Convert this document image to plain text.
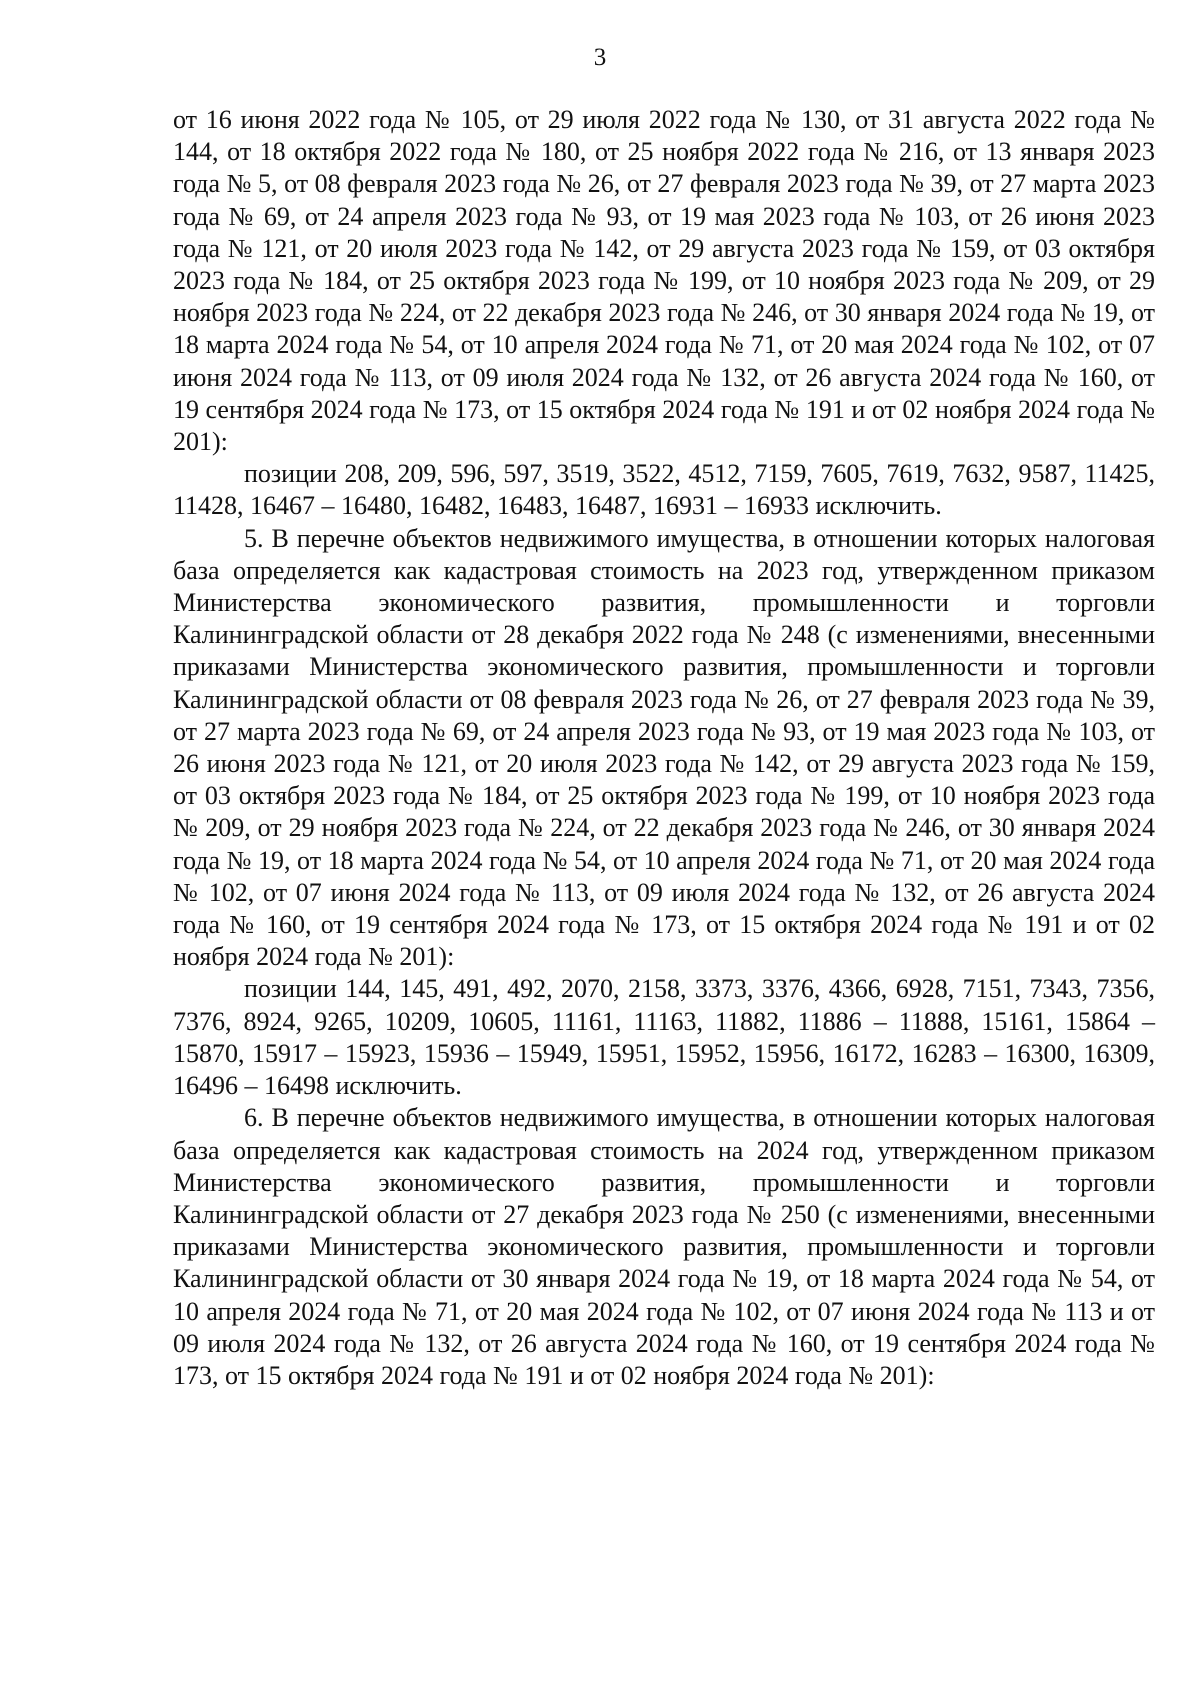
3

от 16 июня 2022 года № 105, от 29 июля 2022 года № 130, от 31 августа 2022 года № 144, от 18 октября 2022 года № 180, от 25 ноября 2022 года № 216, от 13 января 2023 года № 5, от 08 февраля 2023 года № 26, от 27 февраля 2023 года № 39, от 27 марта 2023 года № 69, от 24 апреля 2023 года № 93, от 19 мая 2023 года № 103, от 26 июня 2023 года № 121, от 20 июля 2023 года № 142, от 29 августа 2023 года № 159, от 03 октября 2023 года № 184, от 25 октября 2023 года № 199, от 10 ноября 2023 года № 209, от 29 ноября 2023 года № 224, от 22 декабря 2023 года № 246, от 30 января 2024 года № 19, от 18 марта 2024 года № 54, от 10 апреля 2024 года № 71, от 20 мая 2024 года № 102, от 07 июня 2024 года № 113, от 09 июля 2024 года № 132, от 26 августа 2024 года № 160, от 19 сентября 2024 года № 173, от 15 октября 2024 года № 191 и от 02 ноября 2024 года № 201):

позиции 208, 209, 596, 597, 3519, 3522, 4512, 7159, 7605, 7619, 7632, 9587, 11425, 11428, 16467 – 16480, 16482, 16483, 16487, 16931 – 16933 исключить.

5. В перечне объектов недвижимого имущества, в отношении которых налоговая база определяется как кадастровая стоимость на 2023 год, утвержденном приказом Министерства экономического развития, промышленности и торговли Калининградской области от 28 декабря 2022 года № 248 (с изменениями, внесенными приказами Министерства экономического развития, промышленности и торговли Калининградской области от 08 февраля 2023 года № 26, от 27 февраля 2023 года № 39, от 27 марта 2023 года № 69, от 24 апреля 2023 года № 93, от 19 мая 2023 года № 103, от 26 июня 2023 года № 121, от 20 июля 2023 года № 142, от 29 августа 2023 года № 159, от 03 октября 2023 года № 184, от 25 октября 2023 года № 199, от 10 ноября 2023 года № 209, от 29 ноября 2023 года № 224, от 22 декабря 2023 года № 246, от 30 января 2024 года № 19, от 18 марта 2024 года № 54, от 10 апреля 2024 года № 71, от 20 мая 2024 года № 102, от 07 июня 2024 года № 113, от 09 июля 2024 года № 132, от 26 августа 2024 года № 160, от 19 сентября 2024 года № 173, от 15 октября 2024 года № 191 и от 02 ноября 2024 года № 201):

позиции 144, 145, 491, 492, 2070, 2158, 3373, 3376, 4366, 6928, 7151, 7343, 7356, 7376, 8924, 9265, 10209, 10605, 11161, 11163, 11882, 11886 – 11888, 15161, 15864 – 15870, 15917 – 15923, 15936 – 15949, 15951, 15952, 15956, 16172, 16283 – 16300, 16309, 16496 – 16498 исключить.

6. В перечне объектов недвижимого имущества, в отношении которых налоговая база определяется как кадастровая стоимость на 2024 год, утвержденном приказом Министерства экономического развития, промышленности и торговли Калининградской области от 27 декабря 2023 года № 250 (с изменениями, внесенными приказами Министерства экономического развития, промышленности и торговли Калининградской области от 30 января 2024 года № 19, от 18 марта 2024 года № 54, от 10 апреля 2024 года № 71, от 20 мая 2024 года № 102, от 07 июня 2024 года № 113 и от 09 июля 2024 года № 132, от 26 августа 2024 года № 160, от 19 сентября 2024 года № 173, от 15 октября 2024 года № 191 и от 02 ноября 2024 года № 201):
